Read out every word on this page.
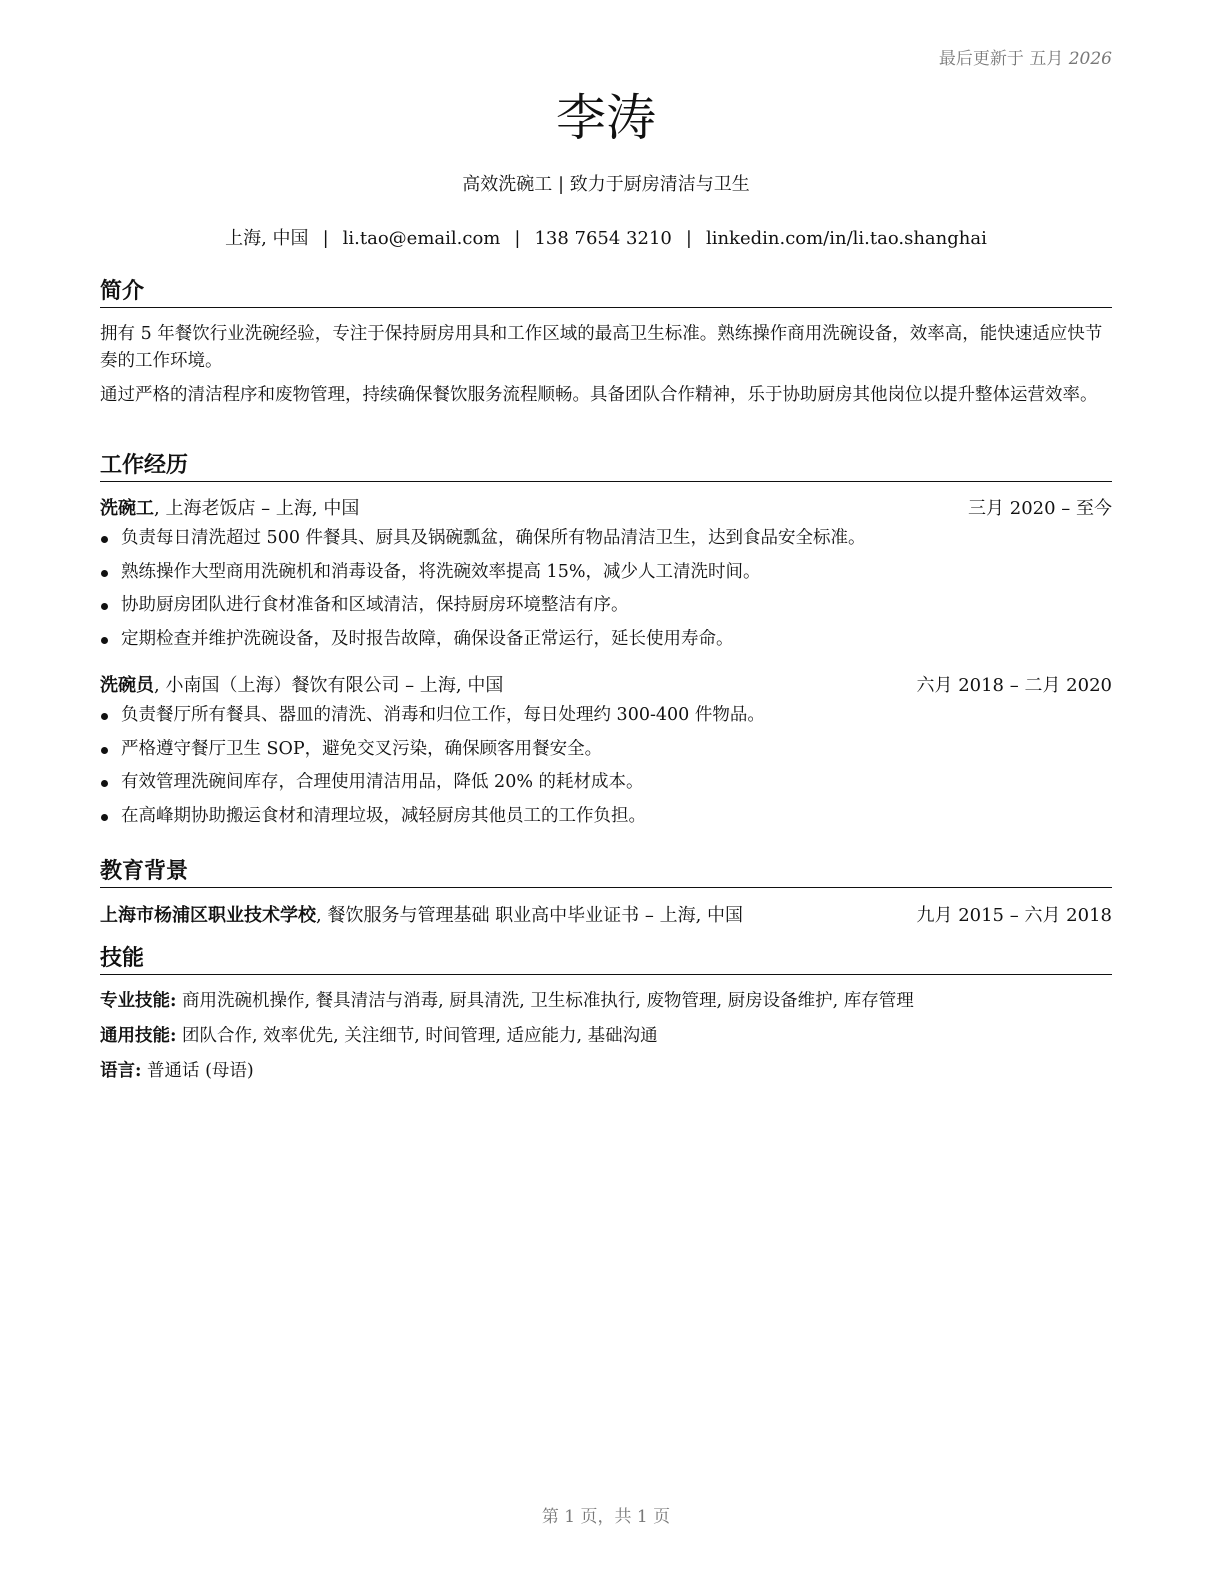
最后更新于 五月 2026
李涛
高效洗碗工 | 致力于厨房清洁与卫生
上海, 中国 | li.tao@email.com | 138 7654 3210 | linkedin.com/in/li.tao.shanghai
简介

拥有 5 年餐饮行业洗碗经验，专注于保持厨房用具和工作区域的最高卫生标准。熟练操作商用洗碗设备，效率高，能快速适应快节奏的工作环境。

通过严格的清洁程序和废物管理，持续确保餐饮服务流程顺畅。具备团队合作精神，乐于协助厨房其他岗位以提升整体运营效率。

工作经历
洗碗工, 上海老饭店 – 上海, 中国	三月 2020 – 至今
负责每日清洗超过 500 件餐具、厨具及锅碗瓢盆，确保所有物品清洁卫生，达到食品安全标准。
熟练操作大型商用洗碗机和消毒设备，将洗碗效率提高 15%，减少人工清洗时间。
协助厨房团队进行食材准备和区域清洁，保持厨房环境整洁有序。
定期检查并维护洗碗设备，及时报告故障，确保设备正常运行，延长使用寿命。
洗碗员, 小南国（上海）餐饮有限公司 – 上海, 中国	六月 2018 – 二月 2020
负责餐厅所有餐具、器皿的清洗、消毒和归位工作，每日处理约 300-400 件物品。
严格遵守餐厅卫生 SOP，避免交叉污染，确保顾客用餐安全。
有效管理洗碗间库存，合理使用清洁用品，降低 20% 的耗材成本。
在高峰期协助搬运食材和清理垃圾，减轻厨房其他员工的工作负担。
教育背景
上海市杨浦区职业技术学校, 餐饮服务与管理基础 职业高中毕业证书 – 上海, 中国	九月 2015 – 六月 2018
技能
专业技能: 商用洗碗机操作, 餐具清洁与消毒, 厨具清洗, 卫生标准执行, 废物管理, 厨房设备维护, 库存管理
通用技能: 团队合作, 效率优先, 关注细节, 时间管理, 适应能力, 基础沟通
语言: 普通话 (母语)
第 1 页，共 1 页
